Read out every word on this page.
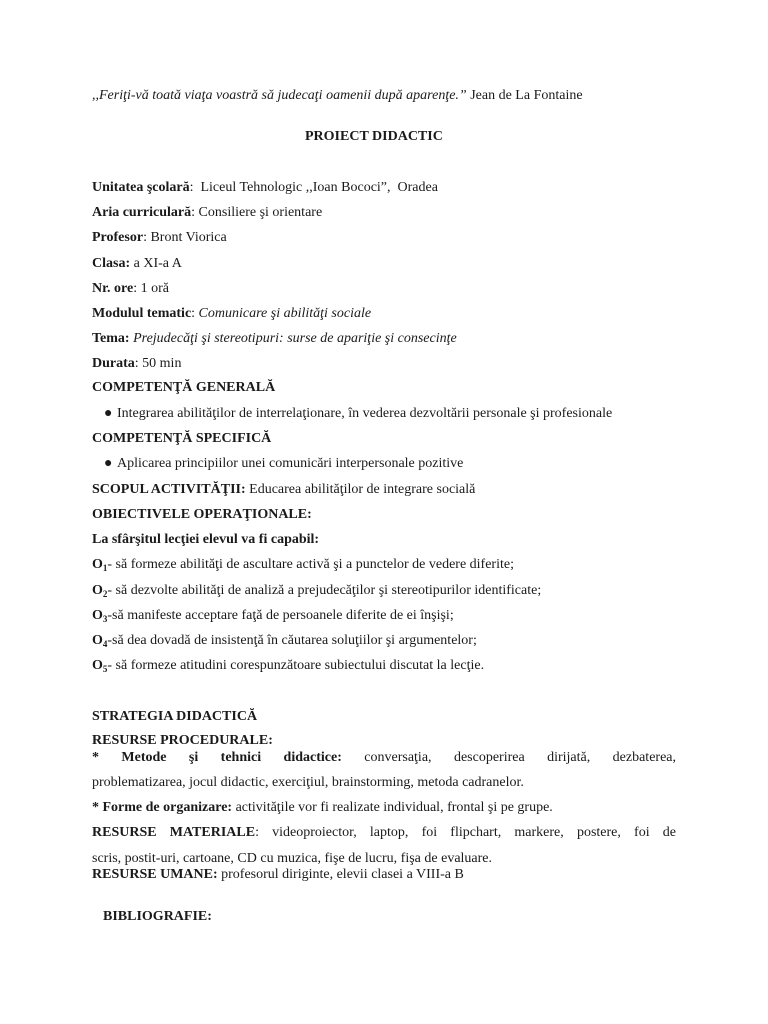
,,Feriţi-vă toată viaţa voastră să judecaţi oamenii după aparenţe.” Jean de La Fontaine
PROIECT DIDACTIC
Unitatea şcolară:  Liceul Tehnologic ,,Ioan Bococi”,  Oradea
Aria curriculară: Consiliere şi orientare
Profesor: Bront Viorica
Clasa: a XI-a A
Nr. ore: 1 oră
Modulul tematic: Comunicare şi abilităţi sociale
Tema: Prejudecăţi şi stereotipuri: surse de apariţie şi consecinţe
Durata: 50 min
COMPETENŢĂ GENERALĂ
● Integrarea abilităţilor de interrelaţionare, în vederea dezvoltării personale şi profesionale
COMPETENŢĂ SPECIFICĂ
● Aplicarea principiilor unei comunicări interpersonale pozitive
SCOPUL ACTIVITĂŢII: Educarea abilităţilor de integrare socială
OBIECTIVELE OPERAŢIONALE:
La sfârşitul lecţiei elevul va fi capabil:
$O_1-$ să formeze abilităţi de ascultare activă şi a punctelor de vedere diferite;
$O_2-$ să dezvolte abilităţi de analiză a prejudecăţilor şi stereotipurilor identificate;
$O_3-să$ manifeste acceptare faţă de persoanele diferite de ei înşişi;
$O_4-să$ dea dovadă de insistenţă în căutarea soluţiilor şi argumentelor;
$O_5-$ să formeze atitudini corespunzătoare subiectului discutat la lecţie.
STRATEGIA DIDACTICĂ
RESURSE PROCEDURALE:
* Metode şi tehnici didactice: conversaţia, descoperirea dirijată, dezbaterea,
problematizarea, jocul didactic, exerciţiul, brainstorming, metoda cadranelor.
* Forme de organizare: activităţile vor fi realizate individual, frontal şi pe grupe.
RESURSE MATERIALE: videoproiector, laptop, foi flipchart, markere, postere, foi de
scris, postit-uri, cartoane, CD cu muzica, fişe de lucru, fişa de evaluare.
RESURSE UMANE: profesorul diriginte, elevii clasei a VIII-a B
BIBLIOGRAFIE:
